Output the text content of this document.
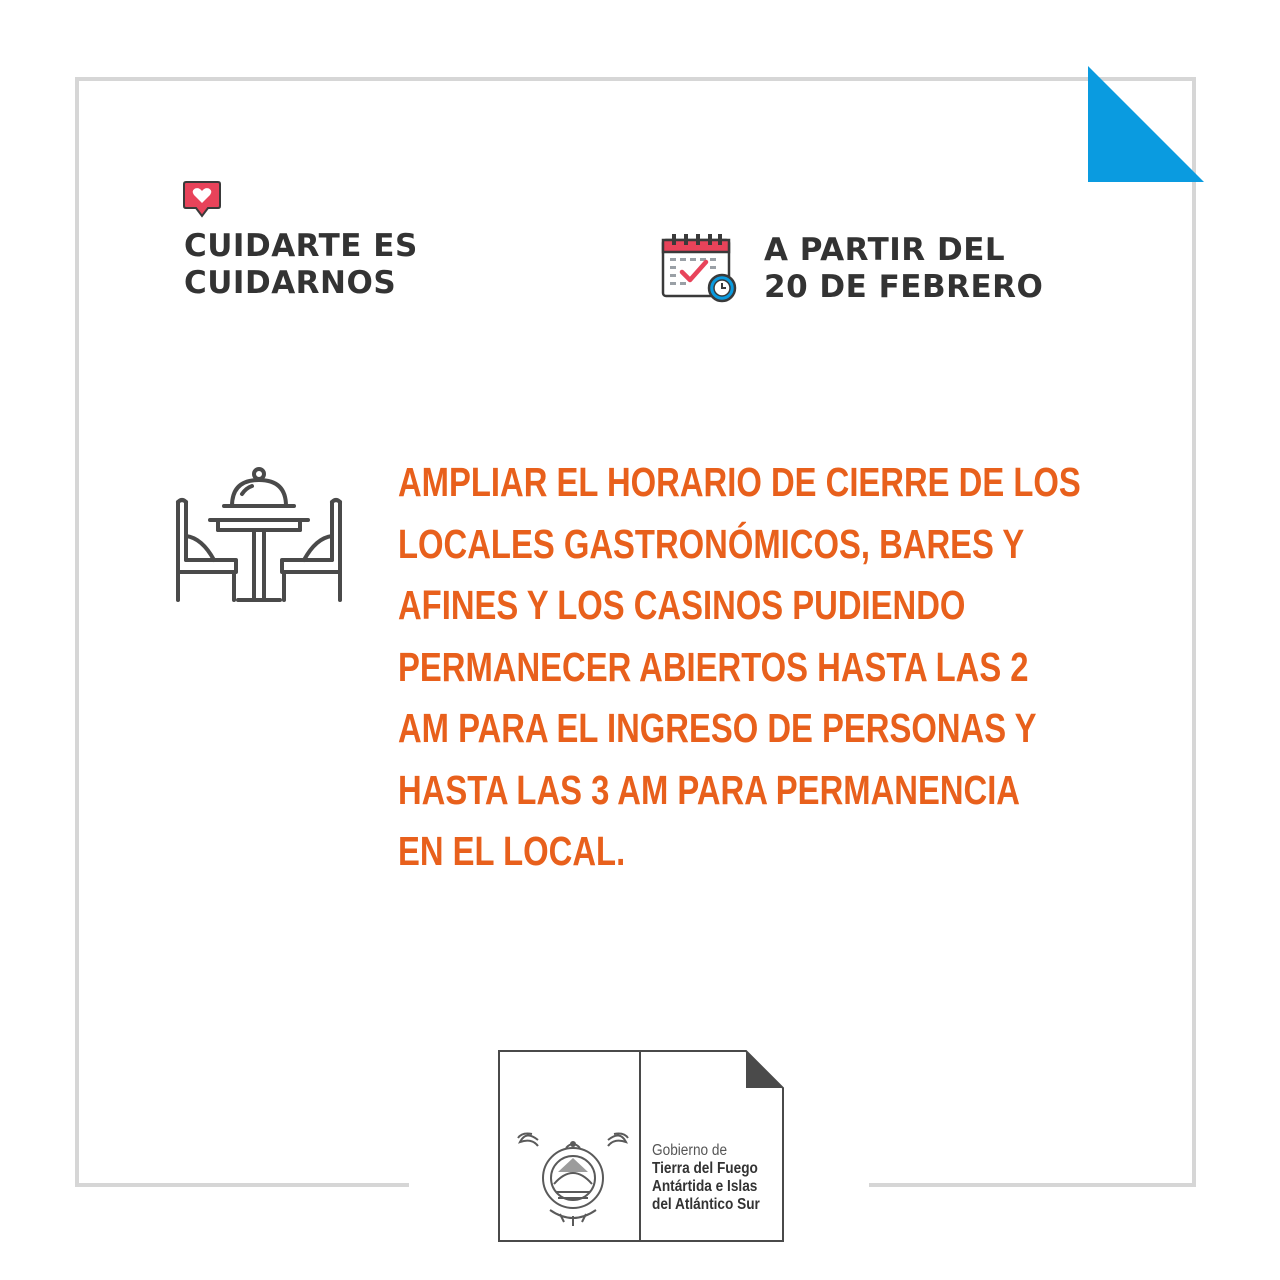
CUIDARTE ES
CUIDARNOS
A PARTIR DEL
20 DE FEBRERO
AMPLIAR EL HORARIO DE CIERRE DE LOS
LOCALES GASTRONÓMICOS, BARES Y
AFINES Y LOS CASINOS PUDIENDO
PERMANECER ABIERTOS HASTA LAS 2
AM PARA EL INGRESO DE PERSONAS Y
HASTA LAS 3 AM PARA PERMANENCIA
EN EL LOCAL.
Gobierno de
Tierra del Fuego
Antártida e Islas
del Atlántico Sur
